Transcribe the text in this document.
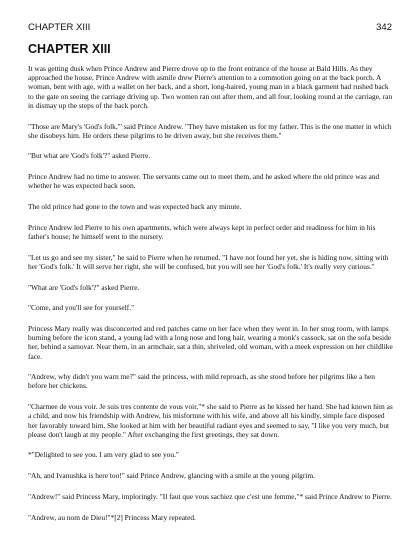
CHAPTER XIII	342
CHAPTER XIII

It was getting dusk when Prince Andrew and Pierre drove up to the front entrance of the house at Bald Hills. As they approached the house, Prince Andrew with asmile drew Pierre's attention to a commotion going on at the back porch. A woman, bent with age, with a wallet on her back, and a short, long-haired, young man in a black garment had rushed back to the gate on seeing the carriage driving up. Two women ran out after them, and all four, looking round at the carriage, ran in dismay up the steps of the back porch.

"Those are Mary's 'God's folk,'" said Prince Andrew. "They have mistaken us for my father. This is the one matter in which she disobeys him. He orders these pilgrims to be driven away, but she receives them."

"But what are 'God's folk'?" asked Pierre.

Prince Andrew had no time to answer. The servants came out to meet them, and he asked where the old prince was and whether he was expected back soon.

The old prince had gone to the town and was expected back any minute.

Prince Andrew led Pierre to his own apartments, which were always kept in perfect order and readiness for him in his father's house; he himself went to the nursery.

"Let us go and see my sister," he said to Pierre when he returned. "I have not found her yet, she is hiding now, sitting with her 'God's folk.' It will serve her right, she will be confused, but you will see her 'God's folk.' It's really very curious."

"What are 'God's folk'?" asked Pierre.

"Come, and you'll see for yourself."

Princess Mary really was disconcerted and red patches came on her face when they went in. In her snug room, with lamps burning before the icon stand, a young lad with a long nose and long hair, wearing a monk's cassock, sat on the sofa beside her, behind a samovar. Near them, in an armchair, sat a thin, shriveled, old woman, with a meek expression on her childlike face.

"Andrew, why didn't you warn me?" said the princess, with mild reproach, as she stood before her pilgrims like a hen before her chickens.

"Charmee de vous voir. Je suis tres contente de vous voir,"* she said to Pierre as he kissed her hand. She had known him as a child, and now his friendship with Andrew, his misfortune with his wife, and above all his kindly, simple face disposed her favorably toward him. She looked at him with her beautiful radiant eyes and seemed to say, "I like you very much, but please don't laugh at my people." After exchanging the first greetings, they sat down.

*"Delighted to see you. I am very glad to see you."

"Ah, and Ivanushka is here too!" said Prince Andrew, glancing with a smile at the young pilgrim.

"Andrew!" said Princess Mary, imploringly. "Il faut que vous sachiez que c'est une femme,"* said Prince Andrew to Pierre.

"Andrew, au nom de Dieu!"*[2] Princess Mary repeated.
